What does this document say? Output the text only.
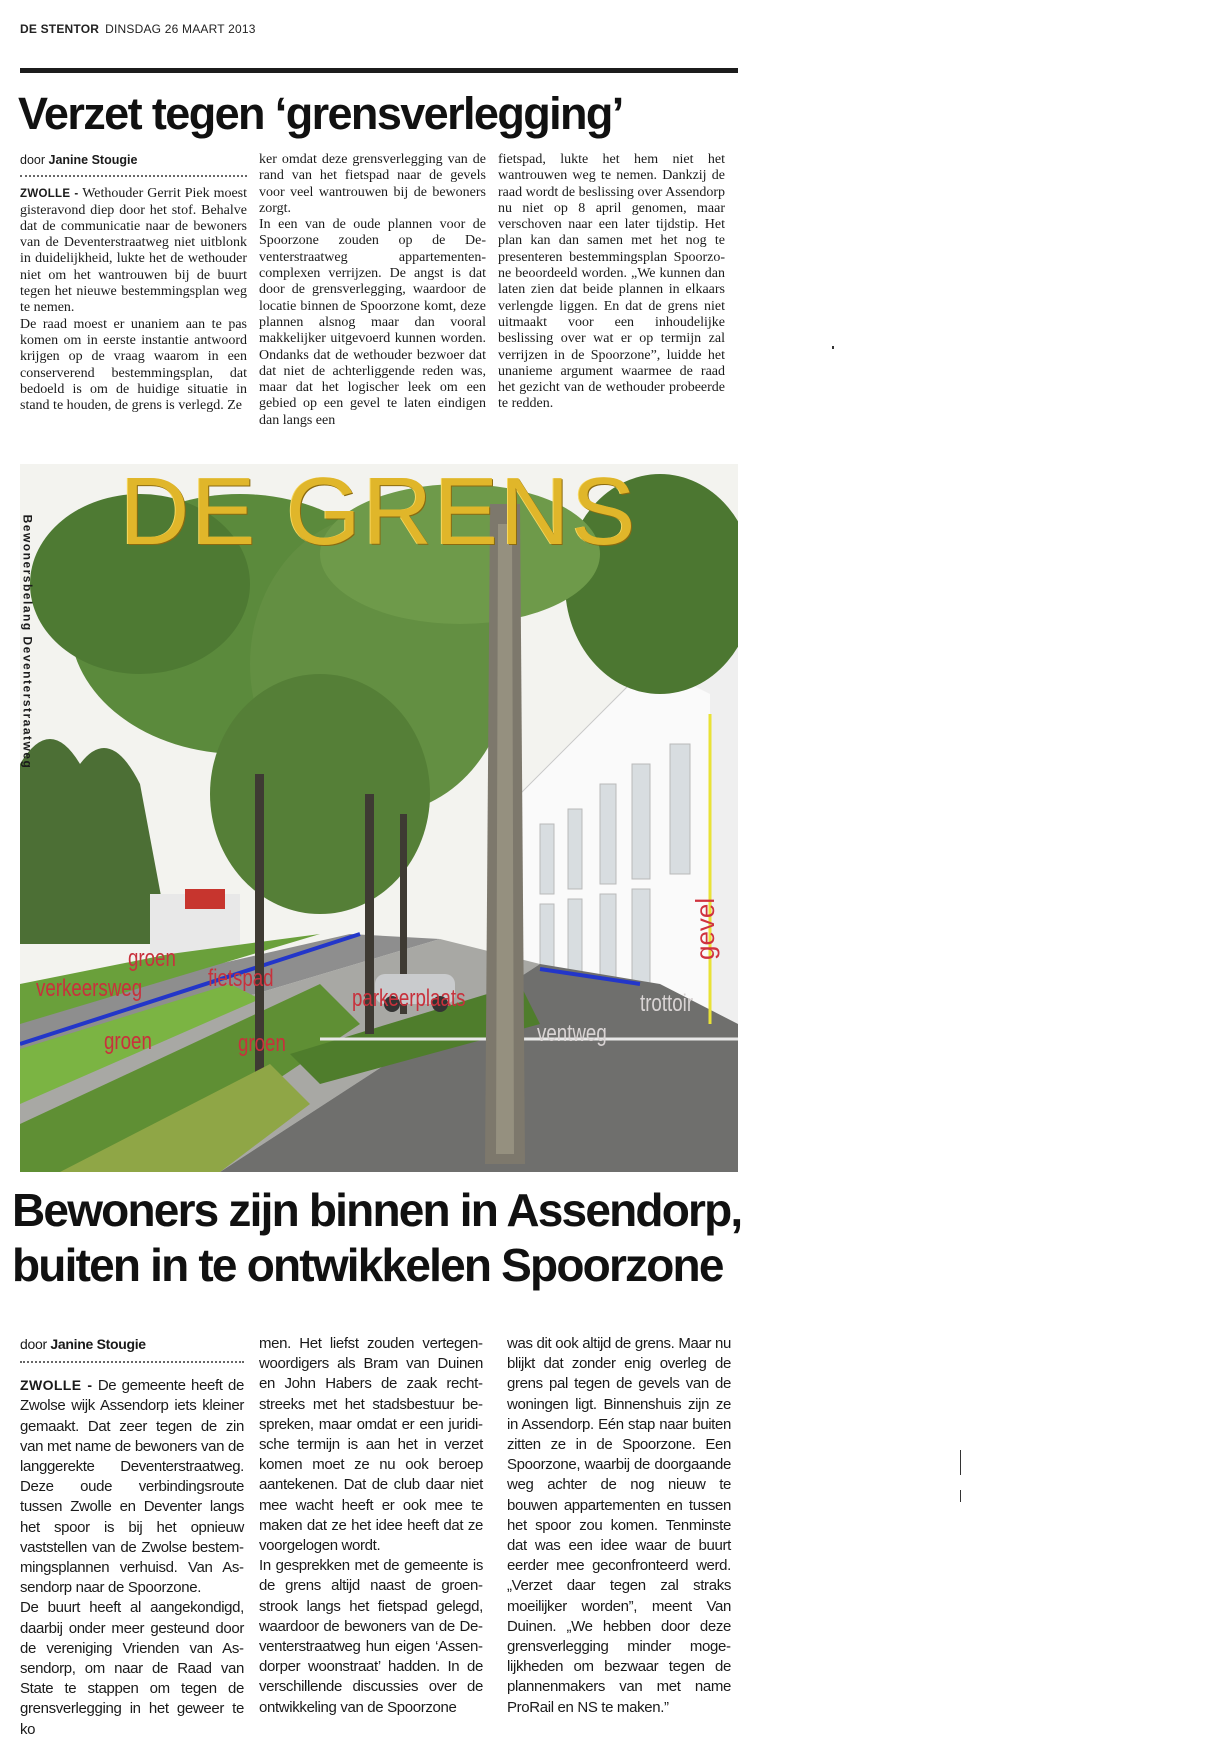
DE STENTOR DINSDAG 26 MAART 2013
Verzet tegen ‘grensverlegging’
door Janine Stougie

ZWOLLE - Wethouder Gerrit Piek moest gisteravond diep door het stof. Behalve dat de communicatie naar de bewoners van de Deventerstraatweg niet uitblonk in duidelijkheid, lukte het de wethouder niet om het wantrouwen bij de buurt tegen het nieuwe bestemmingsplan weg te nemen.

De raad moest er unaniem aan te pas komen om in eerste instantie antwoord krijgen op de vraag waarom in een conserverend bestemmingsplan, dat bedoeld is om de huidige situatie in stand te houden, de grens is verlegd. Ze

ker omdat deze grensverlegging van de rand van het fietspad naar de gevels voor veel wantrouwen bij de bewoners zorgt.

In een van de oude plannen voor de Spoorzone zouden op de Deventerstraatweg appartementencomplexen verrijzen. De angst is dat door de grensverlegging, waardoor de locatie binnen de Spoorzone komt, deze plannen alsnog maar dan vooral makkelijker uitgevoerd kunnen worden. Ondanks dat de wethouder bezwoer dat dat niet de achterliggende reden was, maar dat het logischer leek om een gebied op een gevel te laten eindigen dan langs een

fietspad, lukte het hem niet het wantrouwen weg te nemen. Dankzij de raad wordt de beslissing over Assendorp nu niet op 8 april genomen, maar verschoven naar een later tijdstip. Het plan kan dan samen met het nog te presenteren bestemmingsplan Spoorzone beoordeeld worden. „We kunnen dan laten zien dat beide plannen in elkaars verlengde liggen. En dat de grens niet uitmaakt voor een inhoudelijke beslissing over wat er op termijn zal verrijzen in de Spoorzone”, luidde het unanieme argument waarmee de raad het gezicht van de wethouder probeerde te redden.

DE GRENS
Bewonersbelang Deventerstraatweg
groen
verkeersweg	fietspad
parkeerplaats	trottoir
groen	groen	ventweg
gevel
Bewoners zijn binnen in Assendorp,
buiten in te ontwikkelen Spoorzone
door Janine Stougie

ZWOLLE - De gemeente heeft de Zwolse wijk Assendorp iets kleiner gemaakt. Dat zeer tegen de zin van met name de bewoners van de langgerekte Deventerstraatweg. Deze oude verbindingsroute tussen Zwolle en Deventer langs het spoor is bij het opnieuw vaststellen van de Zwolse bestemmingsplannen verhuisd. Van Assendorp naar de Spoorzone.

De buurt heeft al aangekondigd, daarbij onder meer gesteund door de vereniging Vrienden van Assendorp, om naar de Raad van State te stappen om tegen de grensverlegging in het geweer te ko

men. Het liefst zouden vertegenwoordigers als Bram van Duinen en John Habers de zaak rechtstreeks met het stadsbestuur bespreken, maar omdat er een juridische termijn is aan het in verzet komen moet ze nu ook beroep aantekenen. Dat de club daar niet mee wacht heeft er ook mee te maken dat ze het idee heeft dat ze voorgelogen wordt.

In gesprekken met de gemeente is de grens altijd naast de groenstrook langs het fietspad gelegd, waardoor de bewoners van de Deventerstraatweg hun eigen ‘Assendorper woonstraat’ hadden. In de verschillende discussies over de ontwikkeling van de Spoorzone

was dit ook altijd de grens. Maar nu blijkt dat zonder enig overleg de grens pal tegen de gevels van de woningen ligt. Binnenshuis zijn ze in Assendorp. Eén stap naar buiten zitten ze in de Spoorzone. Een Spoorzone, waarbij de doorgaande weg achter de nog nieuw te bouwen appartementen en tussen het spoor zou komen. Tenminste dat was een idee waar de buurt eerder mee geconfronteerd werd. „Verzet daar tegen zal straks moeilijker worden”, meent Van Duinen. „We hebben door deze grensverlegging minder mogelijkheden om bezwaar tegen de plannenmakers van met name ProRail en NS te maken.”
